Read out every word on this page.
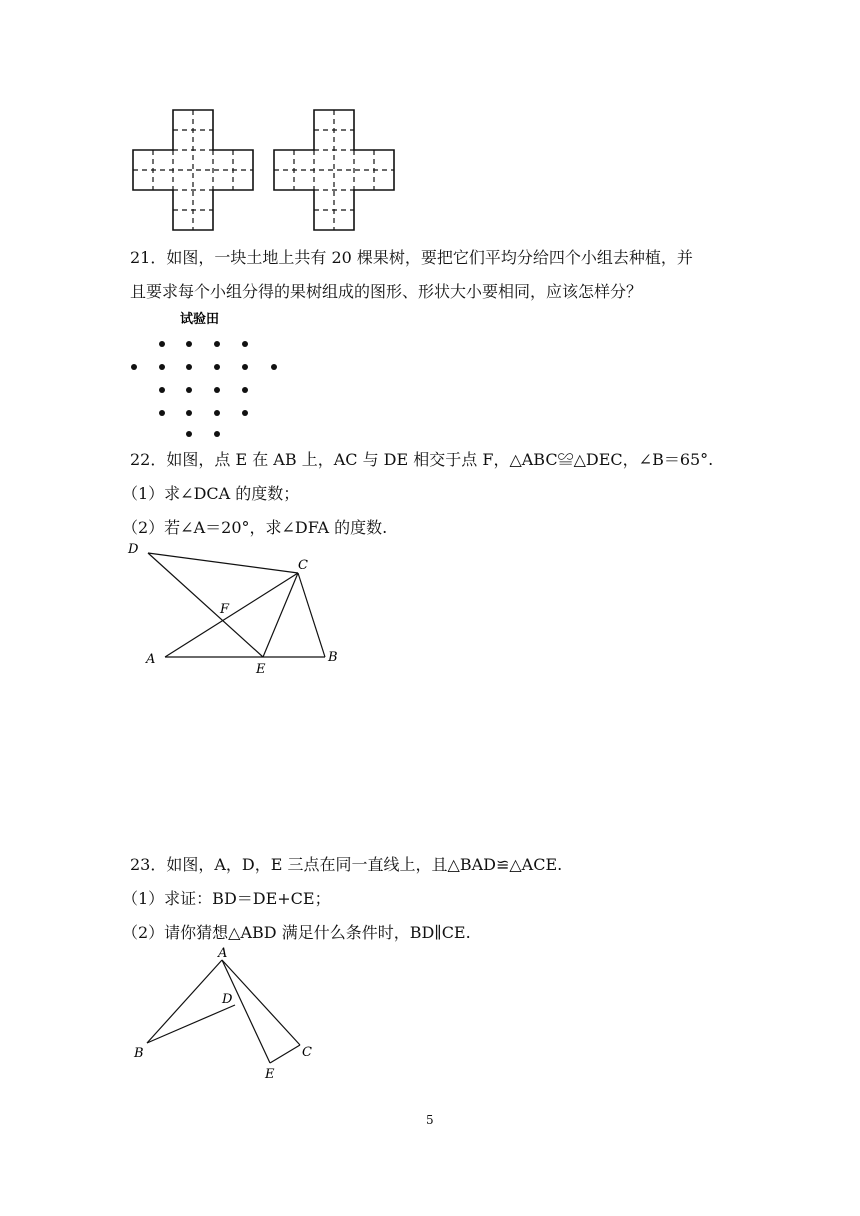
21．如图，一块土地上共有 20 棵果树，要把它们平均分给四个小组去种植，并
且要求每个小组分得的果树组成的图形、形状大小要相同，应该怎样分？
试验田
22．如图，点 E 在 AB 上，AC 与 DE 相交于点 F，△ABC≌△DEC，∠B＝65°.
（1）求∠DCA 的度数；
（2）若∠A＝20°，求∠DFA 的度数.
D
C
F
A
E
B
23．如图，A，D，E 三点在同一直线上，且△BAD≌△ACE.
（1）求证：BD＝DE+CE；
（2）请你猜想△ABD 满足什么条件时，BD∥CE.
A
D
B
E
C
5
